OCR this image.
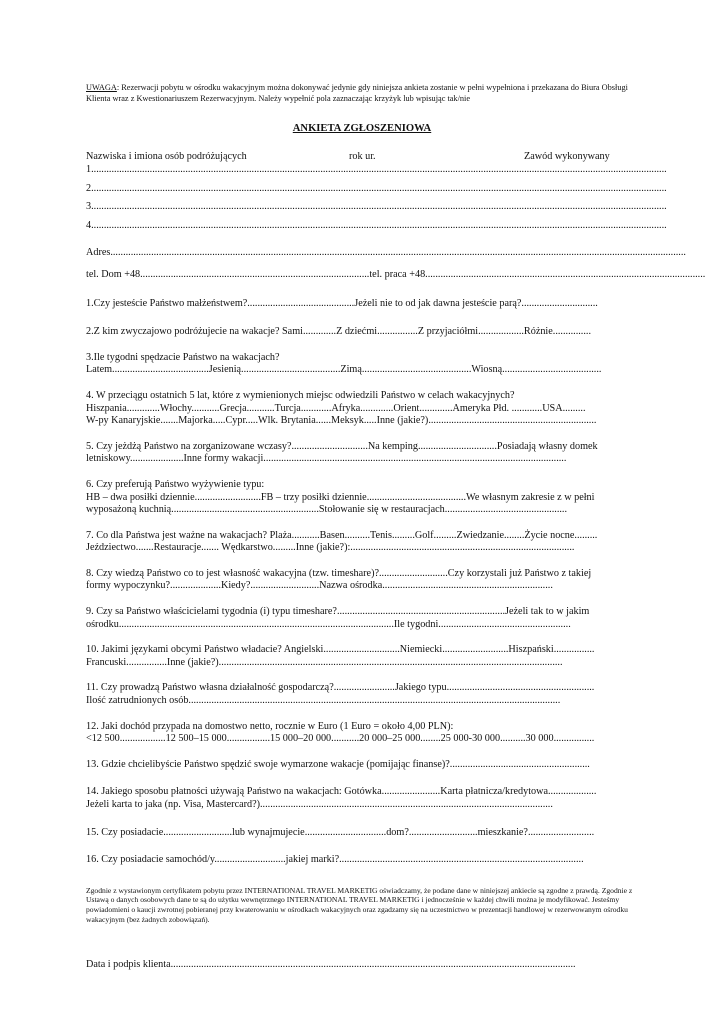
UWAGA: Rezerwacji pobytu w ośrodku wakacyjnym można dokonywać jedynie gdy niniejsza ankieta zostanie w pełni wypełniona i przekazana do Biura Obsługi Klienta wraz z Kwestionariuszem Rezerwacyjnym. Należy wypełnić pola zaznaczając krzyżyk lub wpisując tak/nie

ANKIETA ZGŁOSZENIOWA
Nazwiska i imiona osób podróżujących	rok ur.	Zawód wykonywany
1..................................................................................................................................................................................................................................
2..................................................................................................................................................................................................................................
3..................................................................................................................................................................................................................................
4..................................................................................................................................................................................................................................
Adres..................................................................................................................................................................................................................................
tel. Dom +48..........................................................................................tel. praca +48..............................................................................................................
1.Czy jesteście Państwo małżeństwem?..........................................Jeżeli nie to od jak dawna jesteście parą?..............................
2.Z kim zwyczajowo podróżujecie na wakacje? Sami.............Z dziećmi................Z przyjaciółmi..................Różnie...............
3.Ile tygodni spędzacie Państwo na wakacjach?
Latem......................................Jesienią.......................................Zimą...........................................Wiosną.......................................
4. W przeciągu ostatnich 5 lat, które z wymienionych miejsc odwiedzili Państwo w celach wakacyjnych?
Hiszpania.............Włochy...........Grecja...........Turcja............Afryka.............Orient.............Ameryka Płd. ............USA.........
W-py Kanaryjskie.......Majorka.....Cypr.....Wlk. Brytania......Meksyk.....Inne (jakie?)..................................................................
5. Czy jeżdżą Państwo na zorganizowane wczasy?..............................Na kemping...............................Posiadają własny domek
letniskowy.....................Inne formy wakacji.......................................................................................................................
6. Czy preferują Państwo wyżywienie typu:
HB – dwa posiłki dziennie..........................FB – trzy posiłki dziennie.......................................We własnym zakresie z w pełni
wyposażoną kuchnią..........................................................Stołowanie się w restauracjach................................................
7. Co dla Państwa jest ważne na wakacjach? Plaża...........Basen..........Tenis.........Golf.........Zwiedzanie........Życie nocne.........
Jeździectwo.......Restauracje....... Wędkarstwo.........Inne (jakie?):........................................................................................
8. Czy wiedzą Państwo co to jest własność wakacyjna (tzw. timeshare)?...........................Czy korzystali już Państwo z takiej
formy wypoczynku?....................Kiedy?...........................Nazwa ośrodka...................................................................
9. Czy sa Państwo właścicielami tygodnia (i) typu timeshare?..................................................................Jeżeli tak to w jakim
ośrodku............................................................................................................Ile tygodni....................................................
10. Jakimi językami obcymi Państwo władacie? Angielski..............................Niemiecki..........................Hiszpański................
Francuski................Inne (jakie?).......................................................................................................................................
11. Czy prowadzą Państwo własna działalność gospodarczą?........................Jakiego typu..........................................................
Ilość zatrudnionych osób..................................................................................................................................................
12. Jaki dochód przypada na domostwo netto, rocznie w Euro (1 Euro = około 4,00 PLN):
<12 500..................12 500–15 000.................15 000–20 000...........20 000–25 000........25 000-30 000..........30 000................
13. Gdzie chcielibyście Państwo spędzić swoje wymarzone wakacje (pomijając finanse)?.......................................................
14. Jakiego sposobu płatności używają Państwo na wakacjach: Gotówka.......................Karta płatnicza/kredytowa...................
Jeżeli karta to jaka (np. Visa, Mastercard?)...................................................................................................................
15. Czy posiadacie...........................lub wynajmujecie................................dom?...........................mieszkanie?..........................
16. Czy posiadacie samochód/y............................jakiej marki?................................................................................................

Zgodnie z wystawionym certyfikatem pobytu przez INTERNATIONAL TRAVEL MARKETIG oświadczamy, że podane dane w niniejszej ankiecie są zgodne z prawdą. Zgodnie z Ustawą o danych osobowych dane te są do użytku wewnętrznego INTERNATIONAL TRAVEL MARKETIG i jednocześnie w każdej chwili można je modyfikować. Jesteśmy powiadomieni o kaucji zwrotnej pobieranej przy kwaterowaniu w ośrodkach wakacyjnych oraz zgadzamy się na uczestnictwo w prezentacji handlowej w rezerwowanym ośrodku wakacyjnym (bez żadnych zobowiązań).

Data i podpis klienta...............................................................................................................................................................
